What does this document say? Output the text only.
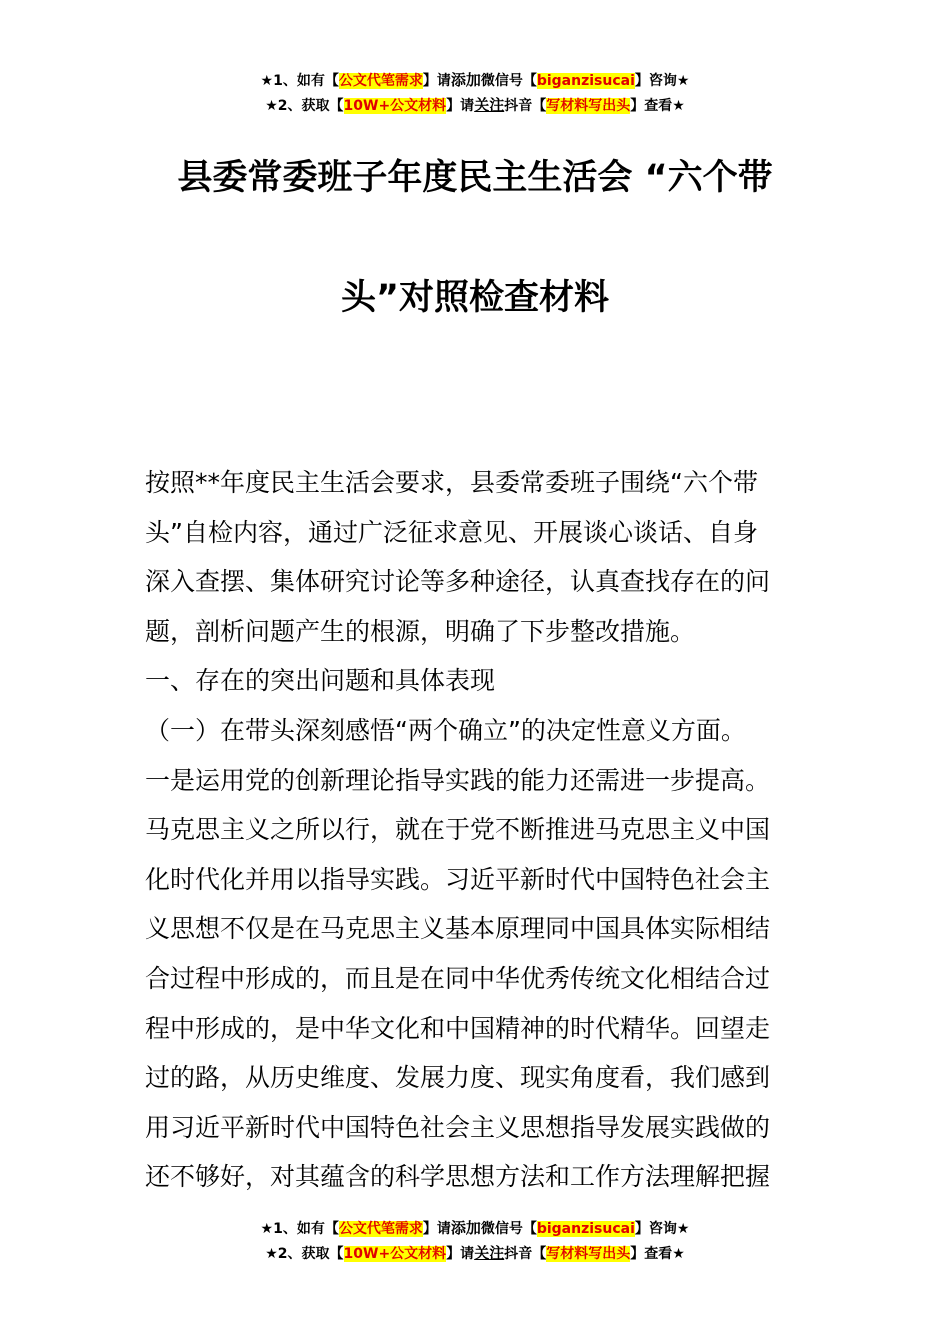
★1、如有【公文代笔需求】请添加微信号【biganzisucai】咨询★
★2、获取【10W+公文材料】请关注抖音【写材料写出头】查看★
县委常委班子年度民主生活会 “六个带
头”对照检查材料
按照**年度民主生活会要求，县委常委班子围绕“六个带
头”自检内容，通过广泛征求意见、开展谈心谈话、自身
深入查摆、集体研究讨论等多种途径，认真查找存在的问
题，剖析问题产生的根源，明确了下步整改措施。
一、存在的突出问题和具体表现
（一）在带头深刻感悟“两个确立”的决定性意义方面。
一是运用党的创新理论指导实践的能力还需进一步提高。
马克思主义之所以行，就在于党不断推进马克思主义中国
化时代化并用以指导实践。习近平新时代中国特色社会主
义思想不仅是在马克思主义基本原理同中国具体实际相结
合过程中形成的，而且是在同中华优秀传统文化相结合过
程中形成的，是中华文化和中国精神的时代精华。回望走
过的路，从历史维度、发展力度、现实角度看，我们感到
用习近平新时代中国特色社会主义思想指导发展实践做的
还不够好，对其蕴含的科学思想方法和工作方法理解把握
★1、如有【公文代笔需求】请添加微信号【biganzisucai】咨询★
★2、获取【10W+公文材料】请关注抖音【写材料写出头】查看★
